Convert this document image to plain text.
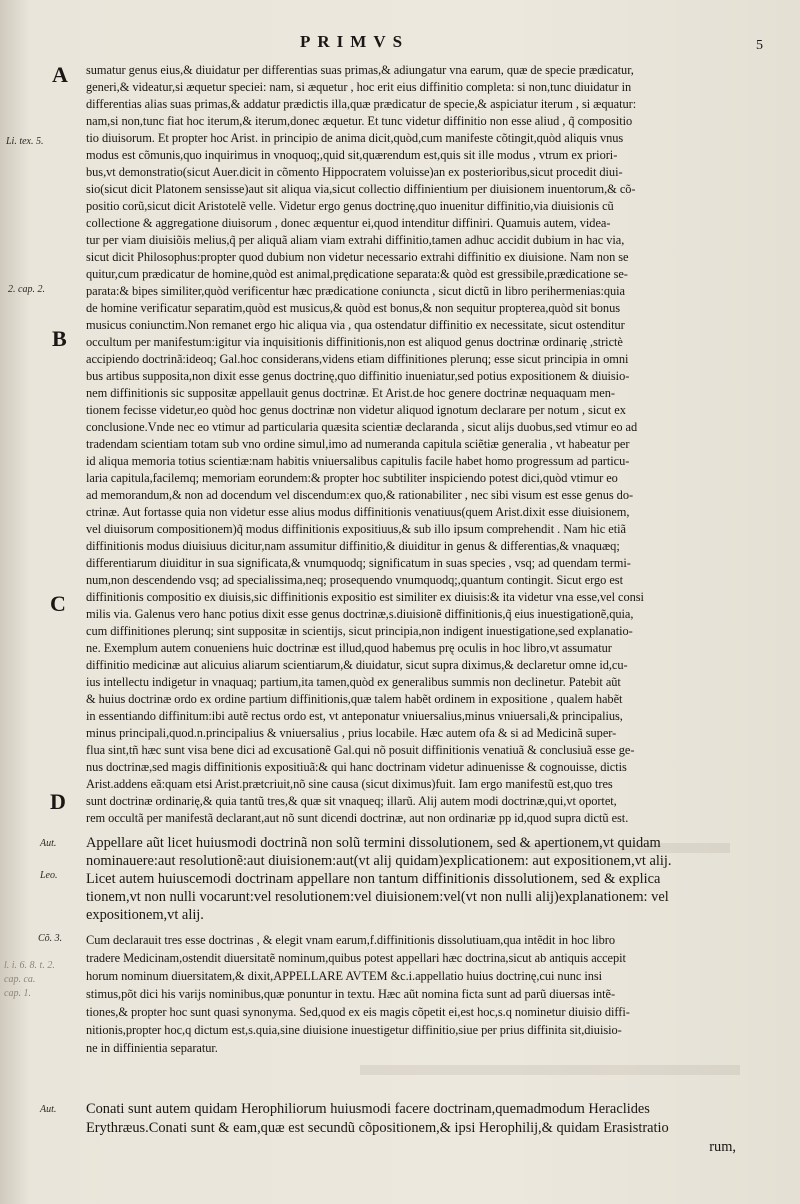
PRIMVS	5
A
B
C
D
Li. tex. 5.
2. cap. 2.
Aut.
Leo.
Cõ. 3.
Aut.
l. i. 6. 8. t. 2.
cap. ca.
cap. 1.
sumatur genus eius,& diuidatur per differentias suas primas,& adiungatur vna earum, quæ de specie prædicatur,
generi,& videatur,si æquetur speciei: nam, si æquetur , hoc erit eius diffinitio completa: si non,tunc diuidatur in
differentias alias suas primas,& addatur prædictis illa,quæ prædicatur de specie,& aspiciatur iterum , si æquatur:
nam,si non,tunc fiat hoc iterum,& iterum,donec æquetur. Et tunc videtur diffinitio non esse aliud , q̃ compositio
tio diuisorum. Et propter hoc Arist. in principio de anima dicit,quòd,cum manifeste cõtingit,quòd aliquis vnus
modus est cõmunis,quo inquirimus in vnoquoq;,quid sit,quærendum est,quis sit ille modus , vtrum ex priori-
bus,vt demonstratio(sicut Auer.dicit in cõmento Hippocratem voluisse)an ex posterioribus,sicut procedit diui-
sio(sicut dicit Platonem sensisse)aut sit aliqua via,sicut collectio diffinientium per diuisionem inuentorum,& cõ-
positio corũ,sicut dicit Aristotelẽ velle. Videtur ergo genus doctrinę,quo inuenitur diffinitio,via diuisionis cũ
collectione & aggregatione diuisorum , donec æquentur ei,quod intenditur diffiniri. Quamuis autem, videa-
tur per viam diuisiõis melius,q̃ per aliquã aliam viam extrahi diffinitio,tamen adhuc accidit dubium in hac via,
sicut dicit Philosophus:propter quod dubium non videtur necessario extrahi diffinitio ex diuisione. Nam non se
quitur,cum prædicatur de homine,quòd est animal,prędicatione separata:& quòd est gressibile,prædicatione se-
parata:& bipes similiter,quòd verificentur hæc prædicatione coniuncta , sicut dictũ in libro perihermenias:quia
de homine verificatur separatim,quòd est musicus,& quòd est bonus,& non sequitur propterea,quòd sit bonus
musicus coniunctim.Non remanet ergo hic aliqua via , qua ostendatur diffinitio ex necessitate, sicut ostenditur
occultum per manifestum:igitur via inquisitionis diffinitionis,non est aliquod genus doctrinæ ordinarię ,strictè
accipiendo doctrinã:ideoq; Gal.hoc considerans,videns etiam diffinitiones plerunq; esse sicut principia in omni
bus artibus supposita,non dixit esse genus doctrinę,quo diffinitio inueniatur,sed potius expositionem & diuisio-
nem diffinitionis sic suppositæ appellauit genus doctrinæ. Et Arist.de hoc genere doctrinæ nequaquam men-
tionem fecisse videtur,eo quòd hoc genus doctrinæ non videtur aliquod ignotum declarare per notum , sicut ex
conclusione.Vnde nec eo vtimur ad particularia quæsita scientiæ declaranda , sicut alijs duobus,sed vtimur eo ad
tradendam scientiam totam sub vno ordine simul,imo ad numeranda capitula sciẽtiæ generalia , vt habeatur per
id aliqua memoria totius scientiæ:nam habitis vniuersalibus capitulis facile habet homo progressum ad particu-
laria capitula,facilemq; memoriam eorundem:& propter hoc subtiliter inspiciendo potest dici,quòd vtimur eo
ad memorandum,& non ad docendum vel discendum:ex quo,& rationabiliter , nec sibi visum est esse genus do-
ctrinæ. Aut fortasse quia non videtur esse alius modus diffinitionis venatiuus(quem Arist.dixit esse diuisionem,
vel diuisorum compositionem)q̃ modus diffinitionis expositiuus,& sub illo ipsum comprehendit . Nam hic etiã
diffinitionis modus diuisiuus dicitur,nam assumitur diffinitio,& diuiditur in genus & differentias,& vnaquæq;
differentiarum diuiditur in sua significata,& vnumquodq; significatum in suas species , vsq; ad quendam termi-
num,non descendendo vsq; ad specialissima,neq; prosequendo vnumquodq;,quantum contingit. Sicut ergo est
diffinitionis compositio ex diuisis,sic diffinitionis expositio est similiter ex diuisis:& ita videtur vna esse,vel consi
milis via. Galenus vero hanc potius dixit esse genus doctrinæ,s.diuisionẽ diffinitionis,q̃ eius inuestigationẽ,quia,
cum diffinitiones plerunq; sint suppositæ in scientijs, sicut principia,non indigent inuestigatione,sed explanatio-
ne. Exemplum autem conueniens huic doctrinæ est illud,quod habemus prę oculis in hoc libro,vt assumatur
diffinitio medicinæ aut alicuius aliarum scientiarum,& diuidatur, sicut supra diximus,& declaretur omne id,cu-
ius intellectu indigetur in vnaquaq; partium,ita tamen,quòd ex generalibus summis non declinetur. Patebit aũt
& huius doctrinæ ordo ex ordine partium diffinitionis,quæ talem habẽt ordinem in expositione , qualem habẽt
in essentiando diffinitum:ibi autẽ rectus ordo est, vt anteponatur vniuersalius,minus vniuersali,& principalius,
minus principali,quod.n.principalius & vniuersalius , prius locabile. Hæc autem ofa & si ad Medicinã super-
flua sint,tñ hæc sunt visa bene dici ad excusationẽ Gal.qui nõ posuit diffinitionis venatiuã & conclusiuã esse ge-
nus doctrinæ,sed magis diffinitionis expositiuã:& qui hanc doctrinam videtur adinuenisse & cognouisse, dictis
Arist.addens eã:quam etsi Arist.prætcriuit,nõ sine causa (sicut diximus)fuit. Iam ergo manifestũ est,quo tres
sunt doctrinæ ordinarię,& quia tantũ tres,& quæ sit vnaqueq; illarũ. Alij autem modi doctrinæ,qui,vt oportet,
rem occultã per manifestã declarant,aut nõ sunt dicendi doctrinæ, aut non ordinariæ pp id,quod supra dictũ est.
Appellare aũt licet huiusmodi doctrinã non solũ termini dissolutionem, sed & apertionem,vt quidam
nominauere:aut resolutionẽ:aut diuisionem:aut(vt alij quidam)explicationem: aut expositionem,vt alij.
Licet autem huiuscemodi doctrinam appellare non tantum diffinitionis dissolutionem, sed & explica
tionem,vt non nulli vocarunt:vel resolutionem:vel diuisionem:vel(vt non nulli alij)explanationem: vel
expositionem,vt alij.
Cum declarauit tres esse doctrinas , & elegit vnam earum,f.diffinitionis dissolutiuam,qua intẽdit in hoc libro
tradere Medicinam,ostendit diuersitatẽ nominum,quibus potest appellari hæc doctrina,sicut ab antiquis accepit
horum nominum diuersitatem,& dixit,APPELLARE AVTEM &c.i.appellatio huius doctrinę,cui nunc insi
stimus,põt dici his varijs nominibus,quæ ponuntur in textu. Hæc aũt nomina ficta sunt ad parũ diuersas intẽ-
tiones,& propter hoc sunt quasi synonyma. Sed,quod ex eis magis cõpetit ei,est hoc,s.q nominetur diuisio diffi-
nitionis,propter hoc,q dictum est,s.quia,sine diuisione inuestigetur diffinitio,siue per prius diffinita sit,diuisio-
ne in diffinientia separatur.
Conati sunt autem quidam Herophiliorum huiusmodi facere doctrinam,quemadmodum Heraclides
Erythræus.Conati sunt & eam,quæ est secundũ cõpositionem,& ipsi Herophilij,& quidam Erasistratio
rum,
